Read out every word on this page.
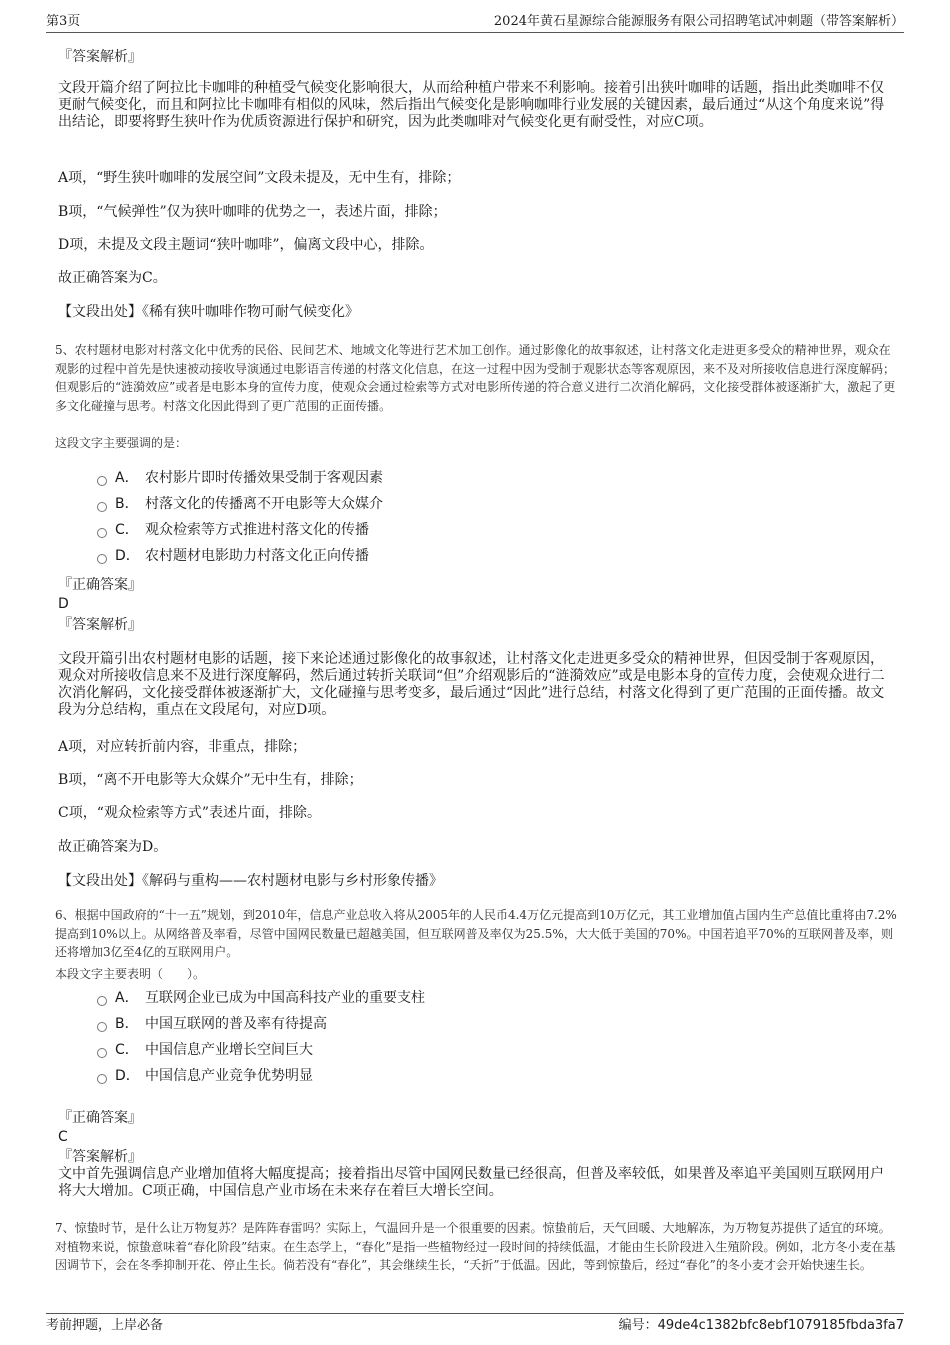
第3页	2024年黄石星源综合能源服务有限公司招聘笔试冲刺题（带答案解析）
『答案解析』

文段开篇介绍了阿拉比卡咖啡的种植受气候变化影响很大，从而给种植户带来不利影响。接着引出狭叶咖啡的话题，指出此类咖啡不仅更耐气候变化，而且和阿拉比卡咖啡有相似的风味，然后指出气候变化是影响咖啡行业发展的关键因素，最后通过“从这个角度来说”得出结论，即要将野生狭叶作为优质资源进行保护和研究，因为此类咖啡对气候变化更有耐受性，对应C项。

A项，“野生狭叶咖啡的发展空间”文段未提及，无中生有，排除；

B项，“气候弹性”仅为狭叶咖啡的优势之一，表述片面，排除；

D项，未提及文段主题词“狭叶咖啡”，偏离文段中心，排除。

故正确答案为C。

【文段出处】《稀有狭叶咖啡作物可耐气候变化》

5、农村题材电影对村落文化中优秀的民俗、民间艺术、地域文化等进行艺术加工创作。通过影像化的故事叙述，让村落文化走进更多受众的精神世界，观众在观影的过程中首先是快速被动接收导演通过电影语言传递的村落文化信息，在这一过程中因为受制于观影状态等客观原因，来不及对所接收信息进行深度解码；但观影后的“涟漪效应”或者是电影本身的宣传力度，使观众会通过检索等方式对电影所传递的符合意义进行二次消化解码，文化接受群体被逐渐扩大，激起了更多文化碰撞与思考。村落文化因此得到了更广范围的正面传播。

这段文字主要强调的是：

A． 农村影片即时传播效果受制于客观因素
B． 村落文化的传播离不开电影等大众媒介
C． 观众检索等方式推进村落文化的传播
D． 农村题材电影助力村落文化正向传播
『正确答案』
D
『答案解析』

文段开篇引出农村题材电影的话题，接下来论述通过影像化的故事叙述，让村落文化走进更多受众的精神世界，但因受制于客观原因，观众对所接收信息来不及进行深度解码，然后通过转折关联词“但”介绍观影后的“涟漪效应”或是电影本身的宣传力度，会使观众进行二次消化解码，文化接受群体被逐渐扩大，文化碰撞与思考变多，最后通过“因此”进行总结，村落文化得到了更广范围的正面传播。故文段为分总结构，重点在文段尾句，对应D项。

A项，对应转折前内容，非重点，排除；

B项，“离不开电影等大众媒介”无中生有，排除；

C项，“观众检索等方式”表述片面，排除。

故正确答案为D。

【文段出处】《解码与重构——农村题材电影与乡村形象传播》

6、根据中国政府的“十一五”规划，到2010年，信息产业总收入将从2005年的人民币4.4万亿元提高到10万亿元，其工业增加值占国内生产总值比重将由7.2%提高到10%以上。从网络普及率看，尽管中国网民数量已超越美国，但互联网普及率仅为25.5%，大大低于美国的70%。中国若追平70%的互联网普及率，则还将增加3亿至4亿的互联网用户。

本段文字主要表明（　　）。

A． 互联网企业已成为中国高科技产业的重要支柱
B． 中国互联网的普及率有待提高
C． 中国信息产业增长空间巨大
D． 中国信息产业竞争优势明显
『正确答案』
C
『答案解析』

文中首先强调信息产业增加值将大幅度提高；接着指出尽管中国网民数量已经很高，但普及率较低，如果普及率追平美国则互联网用户将大大增加。C项正确，中国信息产业市场在未来存在着巨大增长空间。

7、惊蛰时节，是什么让万物复苏？是阵阵春雷吗？实际上，气温回升是一个很重要的因素。惊蛰前后，天气回暖、大地解冻，为万物复苏提供了适宜的环境。对植物来说，惊蛰意味着“春化阶段”结束。在生态学上，“春化”是指一些植物经过一段时间的持续低温，才能由生长阶段进入生殖阶段。例如，北方冬小麦在基因调节下，会在冬季抑制开花、停止生长。倘若没有“春化”，其会继续生长，“夭折”于低温。因此，等到惊蛰后，经过“春化”的冬小麦才会开始快速生长。

考前押题，上岸必备	编号：49de4c1382bfc8ebf1079185fbda3fa7
